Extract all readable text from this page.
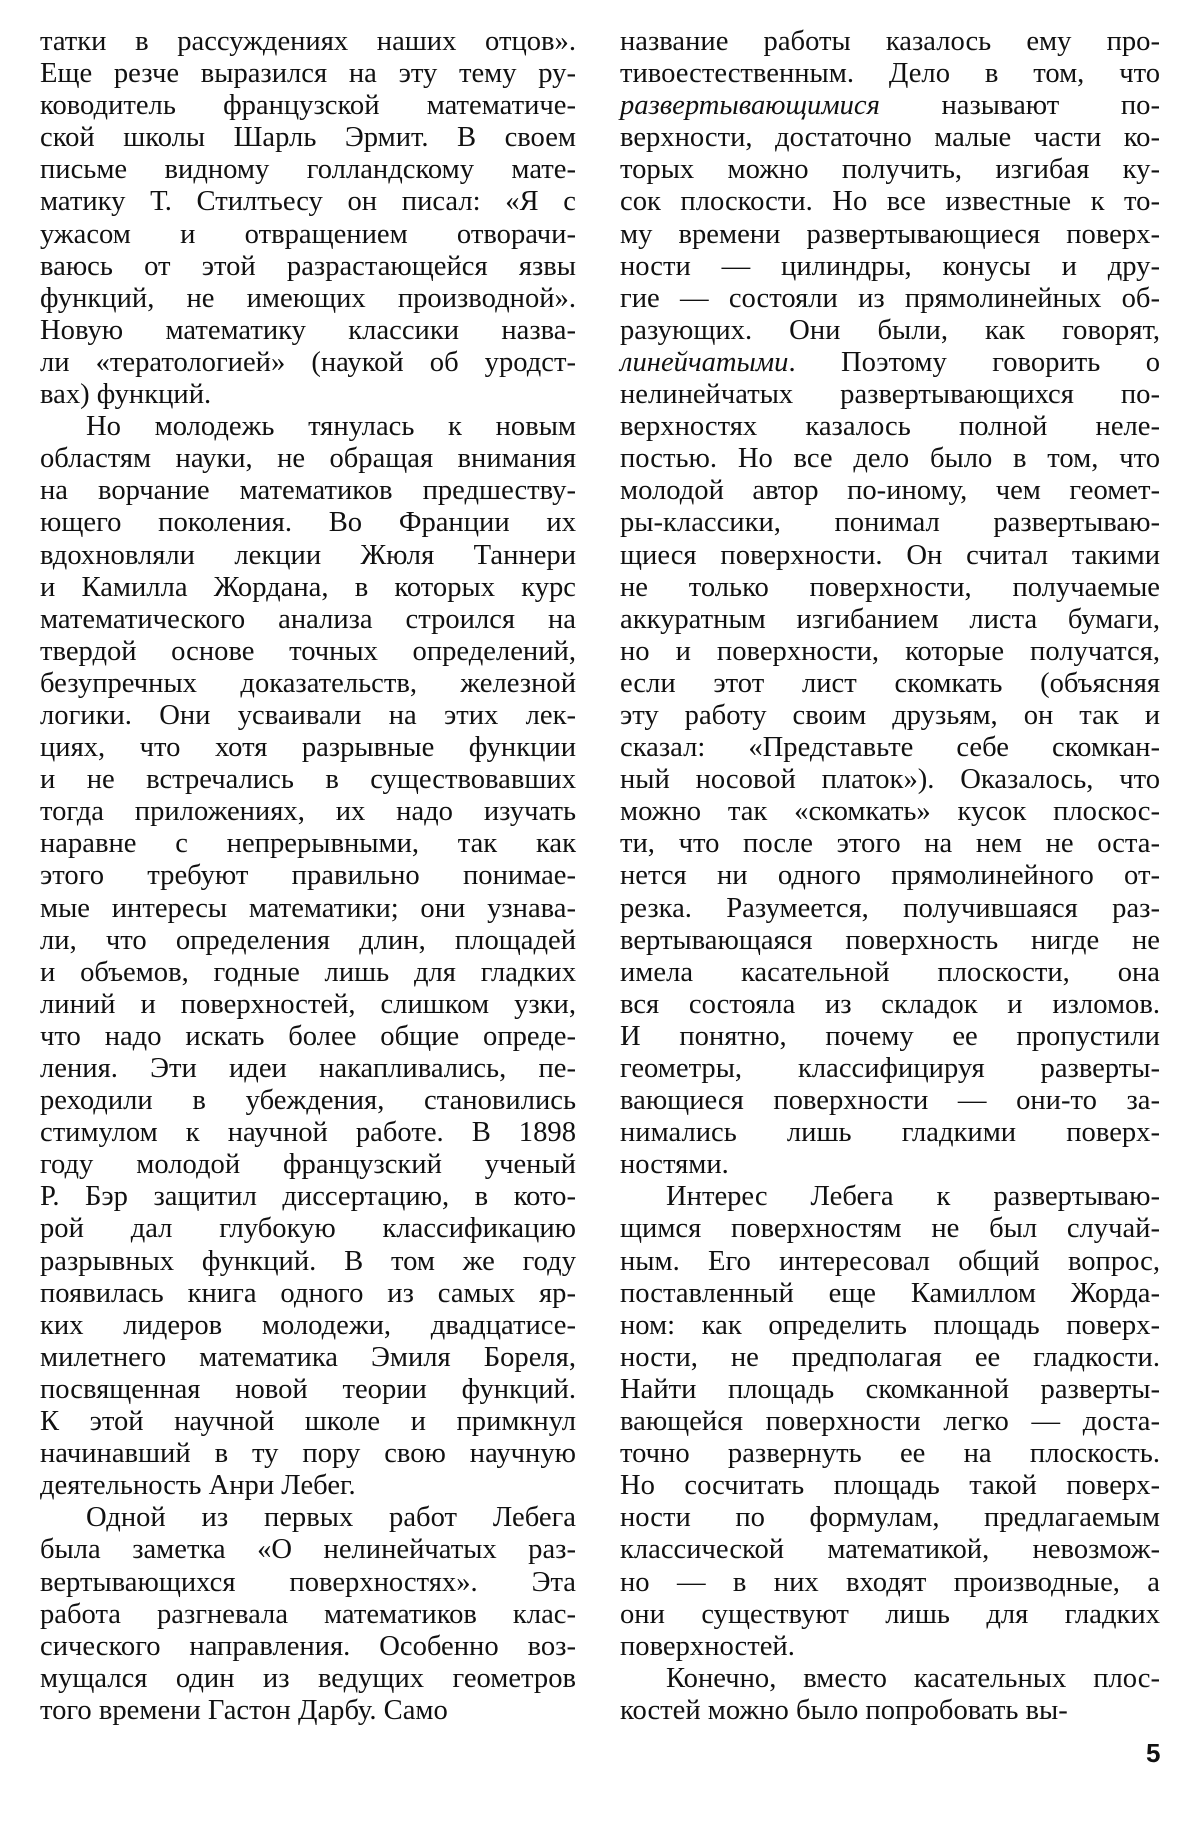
татки в рассуждениях наших отцов».
Еще резче выразился на эту тему ру-
ководитель французской математиче-
ской школы Шарль Эрмит. В своем
письме видному голландскому мате-
матику Т. Стилтьесу он писал: «Я с
ужасом и отвращением отворачи-
ваюсь от этой разрастающейся язвы
функций, не имеющих производной».
Новую математику классики назва-
ли «тератологией» (наукой об уродст-
вах) функций.
Но молодежь тянулась к новым
областям науки, не обращая внимания
на ворчание математиков предшеству-
ющего поколения. Во Франции их
вдохновляли лекции Жюля Таннери
и Камилла Жордана, в которых курс
математического анализа строился на
твердой основе точных определений,
безупречных доказательств, железной
логики. Они усваивали на этих лек-
циях, что хотя разрывные функции
и не встречались в существовавших
тогда приложениях, их надо изучать
наравне с непрерывными, так как
этого требуют правильно понимае-
мые интересы математики; они узнава-
ли, что определения длин, площадей
и объемов, годные лишь для гладких
линий и поверхностей, слишком узки,
что надо искать более общие опреде-
ления. Эти идеи накапливались, пе-
реходили в убеждения, становились
стимулом к научной работе. В 1898
году молодой французский ученый
Р. Бэр защитил диссертацию, в кото-
рой дал глубокую классификацию
разрывных функций. В том же году
появилась книга одного из самых яр-
ких лидеров молодежи, двадцатисе-
милетнего математика Эмиля Бореля,
посвященная новой теории функций.
К этой научной школе и примкнул
начинавший в ту пору свою научную
деятельность Анри Лебег.
Одной из первых работ Лебега
была заметка «О нелинейчатых раз-
вертывающихся поверхностях». Эта
работа разгневала математиков клас-
сического направления. Особенно воз-
мущался один из ведущих геометров
того времени Гастон Дарбу. Само
название работы казалось ему про-
тивоестественным. Дело в том, что
развертывающимися называют по-
верхности, достаточно малые части ко-
торых можно получить, изгибая ку-
сок плоскости. Но все известные к то-
му времени развертывающиеся поверх-
ности — цилиндры, конусы и дру-
гие — состояли из прямолинейных об-
разующих. Они были, как говорят,
линейчатыми. Поэтому говорить о
нелинейчатых развертывающихся по-
верхностях казалось полной неле-
постью. Но все дело было в том, что
молодой автор по-иному, чем геомет-
ры-классики, понимал развертываю-
щиеся поверхности. Он считал такими
не только поверхности, получаемые
аккуратным изгибанием листа бумаги,
но и поверхности, которые получатся,
если этот лист скомкать (объясняя
эту работу своим друзьям, он так и
сказал: «Представьте себе скомкан-
ный носовой платок»). Оказалось, что
можно так «скомкать» кусок плоскос-
ти, что после этого на нем не оста-
нется ни одного прямолинейного от-
резка. Разумеется, получившаяся раз-
вертывающаяся поверхность нигде не
имела касательной плоскости, она
вся состояла из складок и изломов.
И понятно, почему ее пропустили
геометры, классифицируя разверты-
вающиеся поверхности — они-то за-
нимались лишь гладкими поверх-
ностями.
Интерес Лебега к развертываю-
щимся поверхностям не был случай-
ным. Его интересовал общий вопрос,
поставленный еще Камиллом Жорда-
ном: как определить площадь поверх-
ности, не предполагая ее гладкости.
Найти площадь скомканной разверты-
вающейся поверхности легко — доста-
точно развернуть ее на плоскость.
Но сосчитать площадь такой поверх-
ности по формулам, предлагаемым
классической математикой, невозмож-
но — в них входят производные, а
они существуют лишь для гладких
поверхностей.
Конечно, вместо касательных плос-
костей можно было попробовать вы-
5
